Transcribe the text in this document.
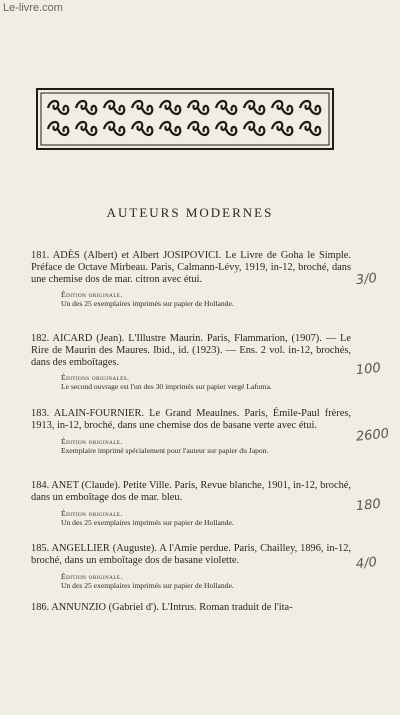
Le-livre.com
AUTEURS MODERNES

181. ADÈS (Albert) et Albert JOSIPOVICI. Le Livre de Goha le Simple. Préface de Octave Mirbeau. Paris, Calmann-Lévy, 1919, in-12, broché, dans une chemise dos de mar. citron avec étui.

Édition originale.
Un des 25 exemplaires imprimés sur papier de Hollande.

3/0

182. AICARD (Jean). L'Illustre Maurin. Paris, Flammarion, (1907). — Le Rire de Maurin des Maures. Ibid., id. (1923). — Ens. 2 vol. in-12, brochés, dans des emboîtages.

Éditions originales.
Le second ouvrage est l'un des 30 imprimés sur papier vergé Lafuma.

100

183. ALAIN-FOURNIER. Le Grand Meaulnes. Paris, Émile-Paul frères, 1913, in-12, broché, dans une chemise dos de basane verte avec étui.

Édition originale.
Exemplaire imprimé spécialement pour l'auteur sur papier du Japon.

2600

184. ANET (Claude). Petite Ville. Paris, Revue blanche, 1901, in-12, broché, dans un emboîtage dos de mar. bleu.

Édition originale.
Un des 25 exemplaires imprimés sur papier de Hollande.

180

185. ANGELLIER (Auguste). A l'Amie perdue. Paris, Chailley, 1896, in-12, broché, dans un emboîtage dos de basane violette.

Édition originale.
Un des 25 exemplaires imprimés sur papier de Hollande.

4/0

186. ANNUNZIO (Gabriel d'). L'Intrus. Roman traduit de l'ita-
